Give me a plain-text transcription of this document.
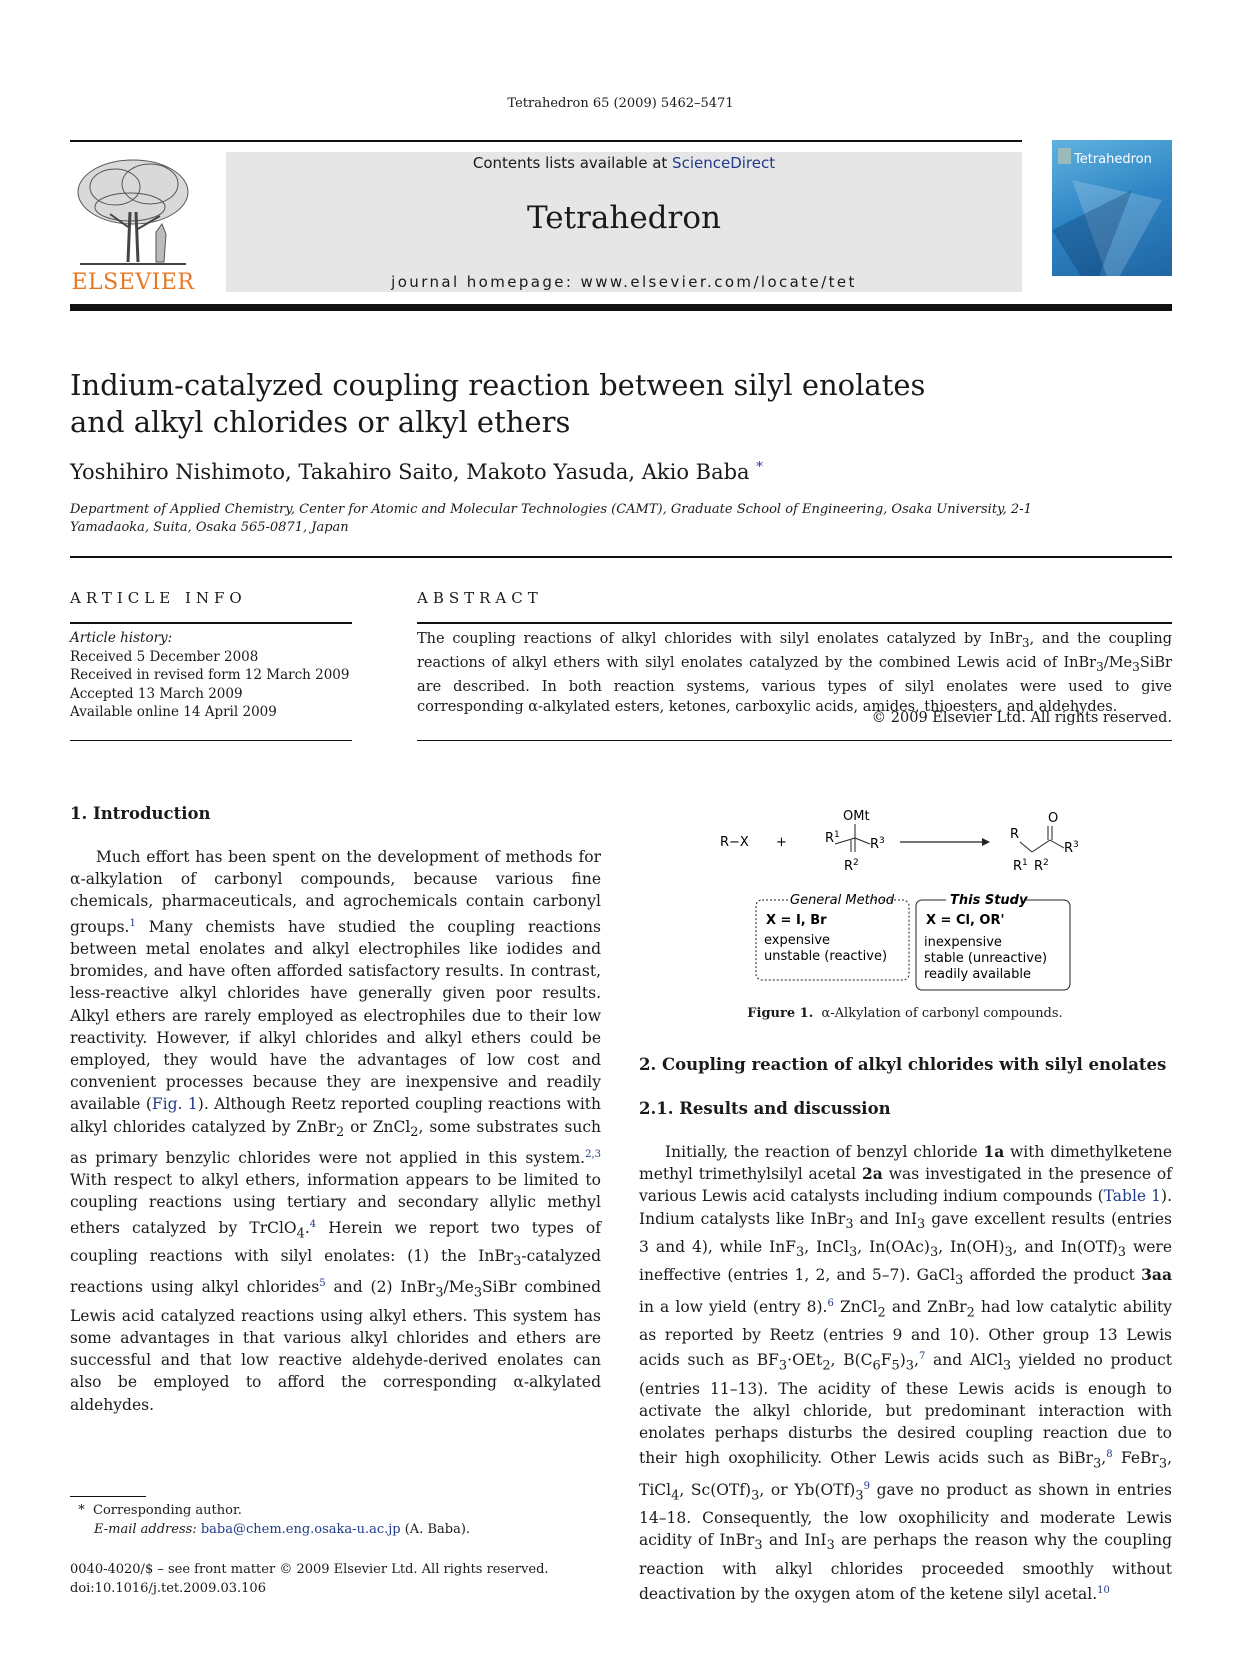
Tetrahedron 65 (2009) 5462–5471
ELSEVIER
Contents lists available at ScienceDirect
Tetrahedron
journal homepage: www.elsevier.com/locate/tet
Tetrahedron
Indium-catalyzed coupling reaction between silyl enolates and alkyl chlorides or alkyl ethers
Yoshihiro Nishimoto, Takahiro Saito, Makoto Yasuda, Akio Baba *
Department of Applied Chemistry, Center for Atomic and Molecular Technologies (CAMT), Graduate School of Engineering, Osaka University, 2-1 Yamadaoka, Suita, Osaka 565-0871, Japan
ARTICLE INFO
Article history:
Received 5 December 2008
Received in revised form 12 March 2009
Accepted 13 March 2009
Available online 14 April 2009
ABSTRACT
The coupling reactions of alkyl chlorides with silyl enolates catalyzed by InBr$_3$, and the coupling reactions of alkyl ethers with silyl enolates catalyzed by the combined Lewis acid of $InBr_3/Me_3SiBr$ are described. In both reaction systems, various types of silyl enolates were used to give corresponding α-alkylated esters, ketones, carboxylic acids, amides, thioesters, and aldehydes.
© 2009 Elsevier Ltd. All rights reserved.
1. Introduction
Much effort has been spent on the development of methods for α-alkylation of carbonyl compounds, because various fine chemicals, pharmaceuticals, and agrochemicals contain carbonyl groups.$^1$ Many chemists have studied the coupling reactions between metal enolates and alkyl electrophiles like iodides and bromides, and have often afforded satisfactory results. In contrast, less-reactive alkyl chlorides have generally given poor results. Alkyl ethers are rarely employed as electrophiles due to their low reactivity. However, if alkyl chlorides and alkyl ethers could be employed, they would have the advantages of low cost and convenient processes because they are inexpensive and readily available (Fig. 1). Although Reetz reported coupling reactions with alkyl chlorides catalyzed by ZnBr$_2$ or ZnCl$_2$, some substrates such as primary benzylic chlorides were not applied in this system.$^{2,3}$ With respect to alkyl ethers, information appears to be limited to coupling reactions using tertiary and secondary allylic methyl ethers catalyzed by TrClO$_4$.$^4$ Herein we report two types of coupling reactions with silyl enolates: (1) the InBr$_3$-catalyzed reactions using alkyl chlorides$^5$ and (2) $InBr_3/Me_3SiBr$ combined Lewis acid catalyzed reactions using alkyl ethers. This system has some advantages in that various alkyl chlorides and ethers are successful and that low reactive aldehyde-derived enolates can also be employed to afford the corresponding α-alkylated aldehydes.
* Corresponding author.
E-mail address: baba@chem.eng.osaka-u.ac.jp (A. Baba).
0040-4020/$ – see front matter © 2009 Elsevier Ltd. All rights reserved.
doi:10.1016/j.tet.2009.03.106
R−X +
OMt
$R^1$
$R^3$
$R^2$
O
R
$R^3$
$R^1$ $R^2$
General Method
X = I, Br
expensive
unstable (reactive)
This Study
X = Cl, OR'
inexpensive
stable (unreactive)
readily available
Figure 1. α-Alkylation of carbonyl compounds.
2. Coupling reaction of alkyl chlorides with silyl enolates
2.1. Results and discussion
Initially, the reaction of benzyl chloride 1a with dimethylketene methyl trimethylsilyl acetal 2a was investigated in the presence of various Lewis acid catalysts including indium compounds (Table 1). Indium catalysts like InBr$_3$ and InI$_3$ gave excellent results (entries 3 and 4), while InF$_3$, InCl$_3$, $In(OAc)_3$, $In(OH)_3$, and $In(OTf)_3$ were ineffective (entries 1, 2, and 5–7). GaCl$_3$ afforded the product 3aa in a low yield (entry 8).$^6$ ZnCl$_2$ and ZnBr$_2$ had low catalytic ability as reported by Reetz (entries 9 and 10). Other group 13 Lewis acids such as $BF_3\cdot OEt_2$, $B(C_6F_5)_3,^7$ and AlCl$_3$ yielded no product (entries 11–13). The acidity of these Lewis acids is enough to activate the alkyl chloride, but predominant interaction with enolates perhaps disturbs the desired coupling reaction due to their high oxophilicity. Other Lewis acids such as BiBr$_3$,$^8$ FeBr$_3$, TiCl$_4$, $Sc(OTf)_3$, or $Yb(OTf)_3^9$ gave no product as shown in entries 14–18. Consequently, the low oxophilicity and moderate Lewis acidity of InBr$_3$ and InI$_3$ are perhaps the reason why the coupling reaction with alkyl chlorides proceeded smoothly without deactivation by the oxygen atom of the ketene silyl acetal.$^{10}$
